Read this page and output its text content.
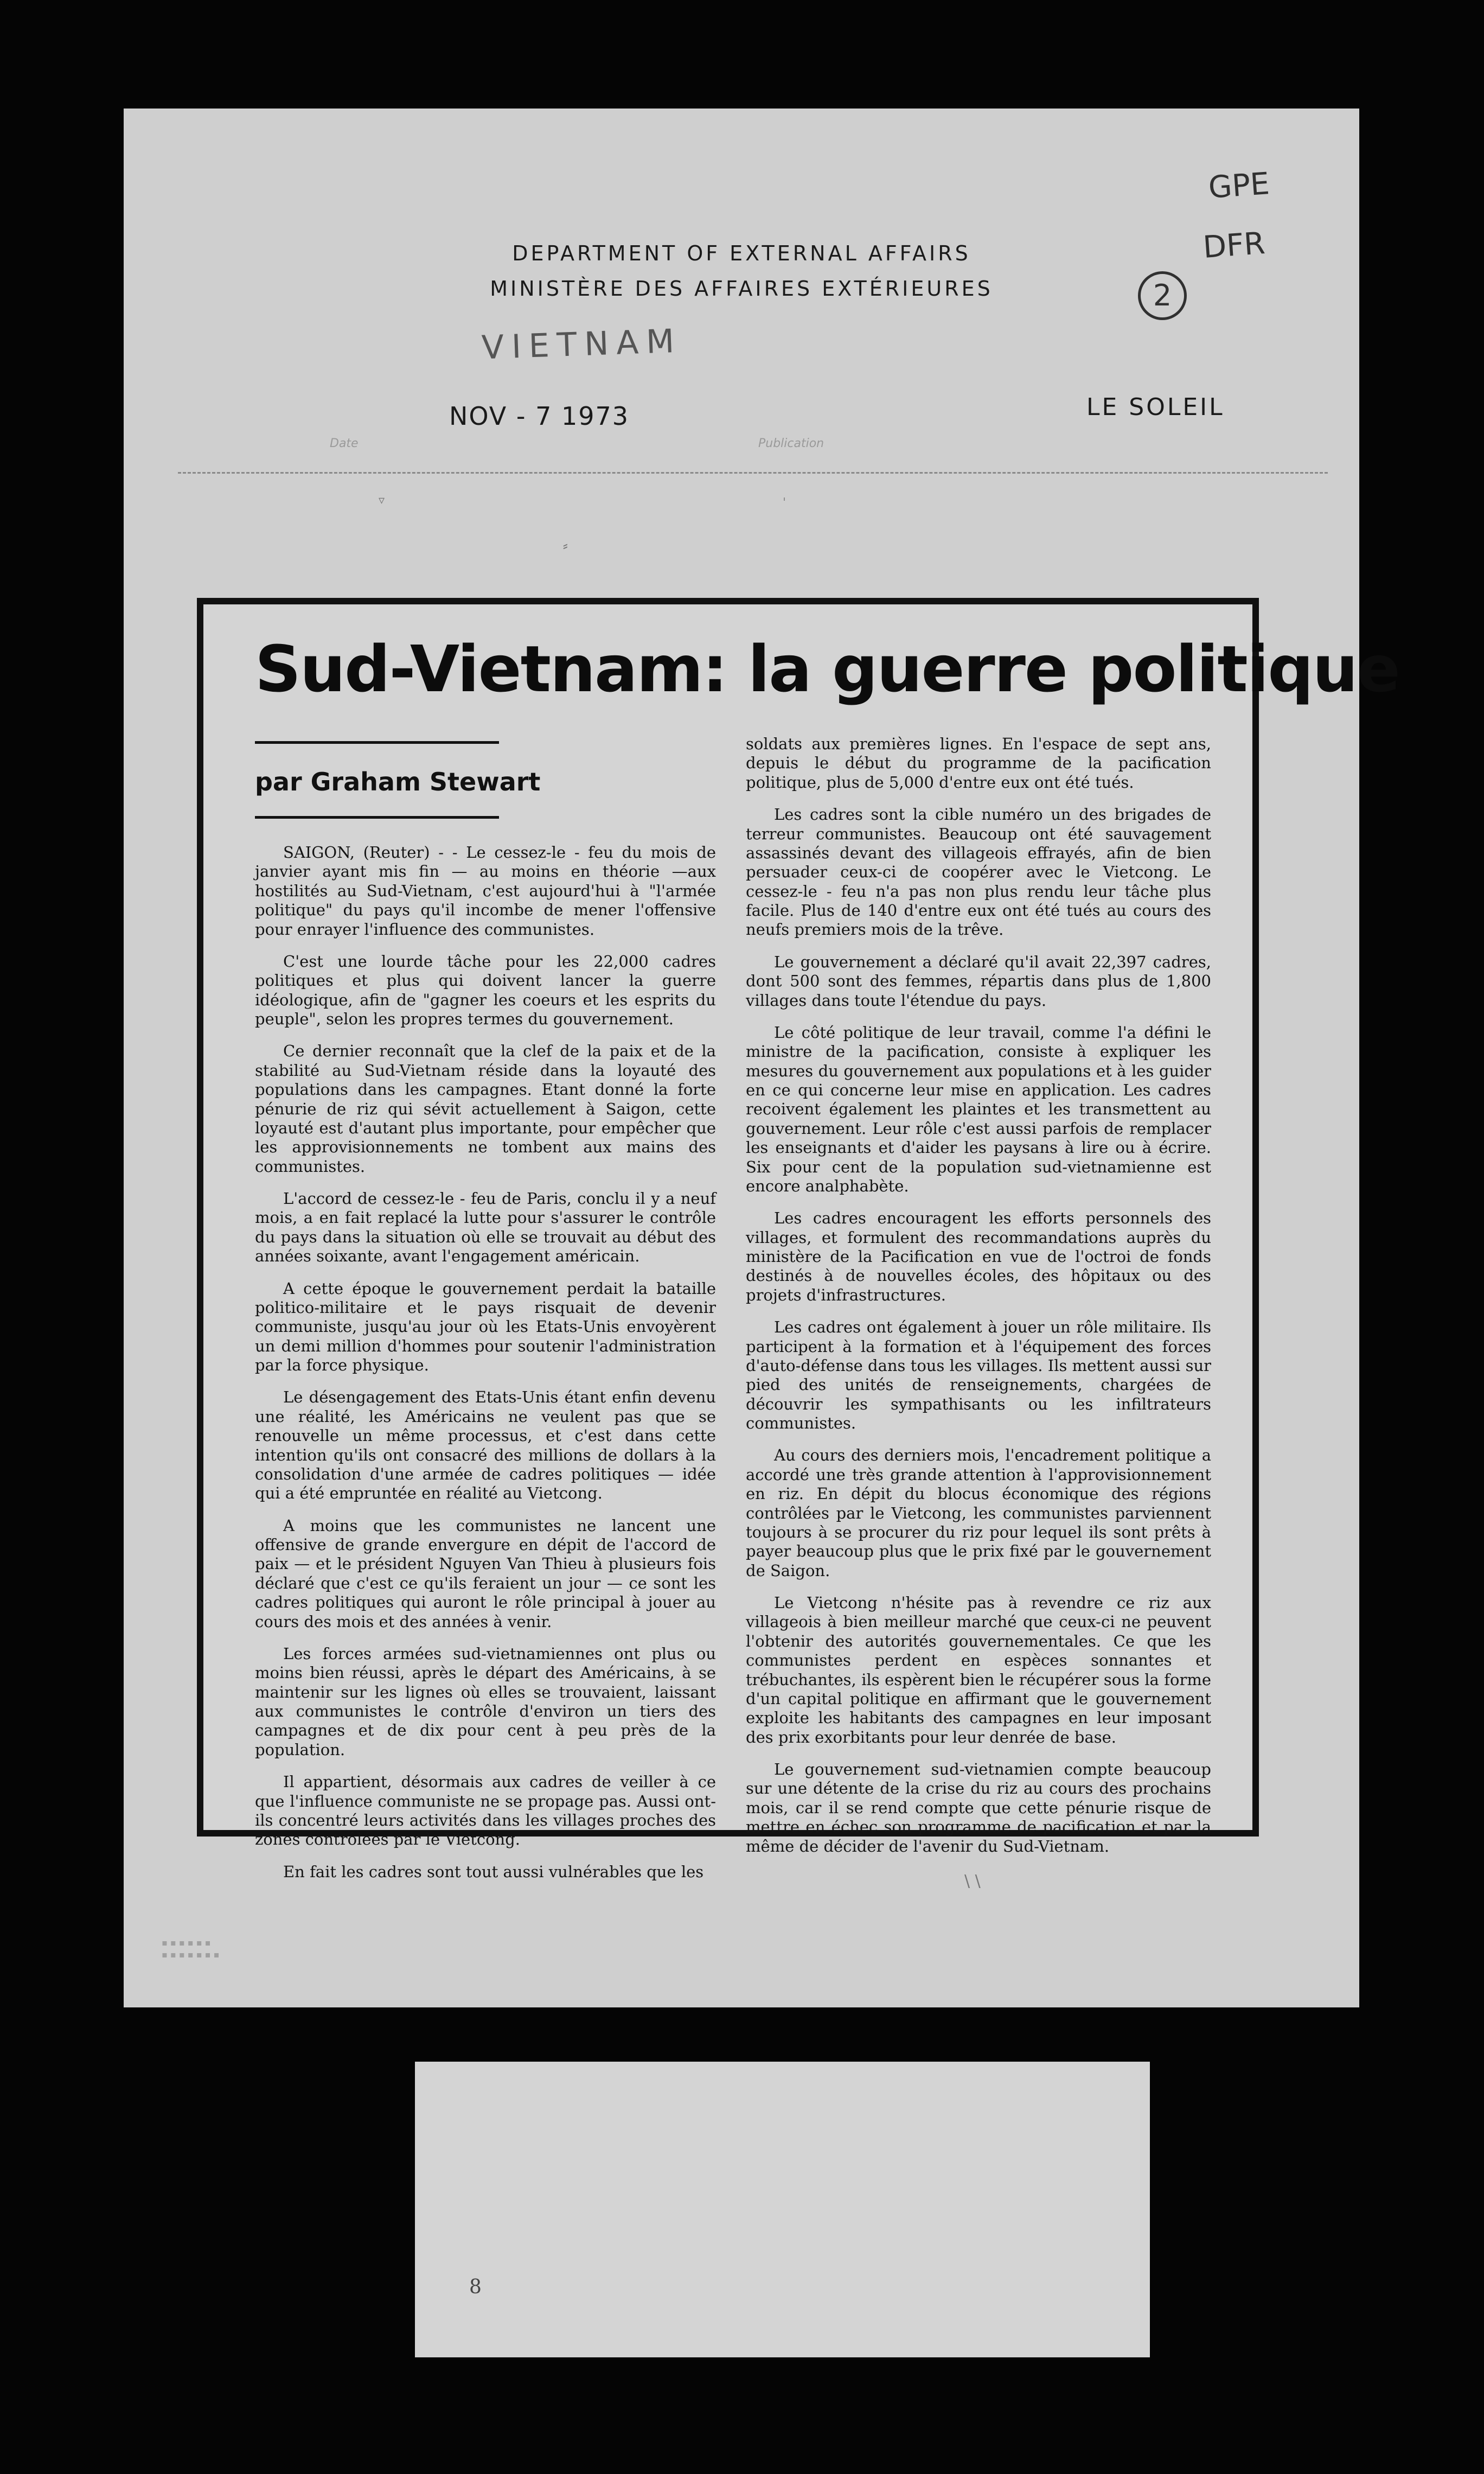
DEPARTMENT OF EXTERNAL AFFAIRS
MINISTÈRE DES AFFAIRES EXTÉRIEURES
GPE
DFR
2
VIETNAM
Date
NOV - 7 1973
Publication
LE SOLEIL
▿	ˈ
⸗
Sud-Vietnam: la guerre politique
par Graham Stewart

SAIGON, (Reuter) - - Le cessez-le - feu du mois de janvier ayant mis fin — au moins en théorie —aux hostilités au Sud-Vietnam, c'est aujourd'hui à "l'armée politique" du pays qu'il incombe de mener l'offensive pour enrayer l'influence des communistes.

C'est une lourde tâche pour les 22,000 cadres politiques et plus qui doivent lancer la guerre idéologique, afin de "gagner les coeurs et les esprits du peuple", selon les propres termes du gouvernement.

Ce dernier reconnaît que la clef de la paix et de la stabilité au Sud-Vietnam réside dans la loyauté des populations dans les campagnes. Etant donné la forte pénurie de riz qui sévit actuellement à Saigon, cette loyauté est d'autant plus importante, pour empêcher que les approvisionnements ne tombent aux mains des communistes.

L'accord de cessez-le - feu de Paris, conclu il y a neuf mois, a en fait replacé la lutte pour s'assurer le contrôle du pays dans la situation où elle se trouvait au début des années soixante, avant l'engagement américain.

A cette époque le gouvernement perdait la bataille politico-militaire et le pays risquait de devenir communiste, jusqu'au jour où les Etats-Unis envoyèrent un demi million d'hommes pour soutenir l'administration par la force physique.

Le désengagement des Etats-Unis étant enfin devenu une réalité, les Américains ne veulent pas que se renouvelle un même processus, et c'est dans cette intention qu'ils ont consacré des millions de dollars à la consolidation d'une armée de cadres politiques — idée qui a été empruntée en réalité au Vietcong.

A moins que les communistes ne lancent une offensive de grande envergure en dépit de l'accord de paix — et le président Nguyen Van Thieu à plusieurs fois déclaré que c'est ce qu'ils feraient un jour — ce sont les cadres politiques qui auront le rôle principal à jouer au cours des mois et des années à venir.

Les forces armées sud-vietnamiennes ont plus ou moins bien réussi, après le départ des Américains, à se maintenir sur les lignes où elles se trouvaient, laissant aux communistes le contrôle d'environ un tiers des campagnes et de dix pour cent à peu près de la population.

Il appartient, désormais aux cadres de veiller à ce que l'influence communiste ne se propage pas. Aussi ont-ils concentré leurs activités dans les villages proches des zones contrôlées par le Vietcong.

En fait les cadres sont tout aussi vulnérables que les

soldats aux premières lignes. En l'espace de sept ans, depuis le début du programme de la pacification politique, plus de 5,000 d'entre eux ont été tués.

Les cadres sont la cible numéro un des brigades de terreur communistes. Beaucoup ont été sauvagement assassinés devant des villageois effrayés, afin de bien persuader ceux-ci de coopérer avec le Vietcong. Le cessez-le - feu n'a pas non plus rendu leur tâche plus facile. Plus de 140 d'entre eux ont été tués au cours des neufs premiers mois de la trêve.

Le gouvernement a déclaré qu'il avait 22,397 cadres, dont 500 sont des femmes, répartis dans plus de 1,800 villages dans toute l'étendue du pays.

Le côté politique de leur travail, comme l'a défini le ministre de la pacification, consiste à expliquer les mesures du gouvernement aux populations et à les guider en ce qui concerne leur mise en application. Les cadres recoivent également les plaintes et les transmettent au gouvernement. Leur rôle c'est aussi parfois de remplacer les enseignants et d'aider les paysans à lire ou à écrire. Six pour cent de la population sud-vietnamienne est encore analphabète.

Les cadres encouragent les efforts personnels des villages, et formulent des recommandations auprès du ministère de la Pacification en vue de l'octroi de fonds destinés à de nouvelles écoles, des hôpitaux ou des projets d'infrastructures.

Les cadres ont également à jouer un rôle militaire. Ils participent à la formation et à l'équipement des forces d'auto-défense dans tous les villages. Ils mettent aussi sur pied des unités de renseignements, chargées de découvrir les sympathisants ou les infiltrateurs communistes.

Au cours des derniers mois, l'encadrement politique a accordé une très grande attention à l'approvisionnement en riz. En dépit du blocus économique des régions contrôlées par le Vietcong, les communistes parviennent toujours à se procurer du riz pour lequel ils sont prêts à payer beaucoup plus que le prix fixé par le gouvernement de Saigon.

Le Vietcong n'hésite pas à revendre ce riz aux villageois à bien meilleur marché que ceux-ci ne peuvent l'obtenir des autorités gouvernementales. Ce que les communistes perdent en espèces sonnantes et trébuchantes, ils espèrent bien le récupérer sous la forme d'un capital politique en affirmant que le gouvernement exploite les habitants des campagnes en leur imposant des prix exorbitants pour leur denrée de base.

Le gouvernement sud-vietnamien compte beaucoup sur une détente de la crise du riz au cours des prochains mois, car il se rend compte que cette pénurie risque de mettre en échec son programme de pacification et par la même de décider de l'avenir du Sud-Vietnam.

\ \
▪ ▪ ▪ ▪ ▪ ▪
▪ ▪ ▪ ▪ ▪ ▪ ▪
8
